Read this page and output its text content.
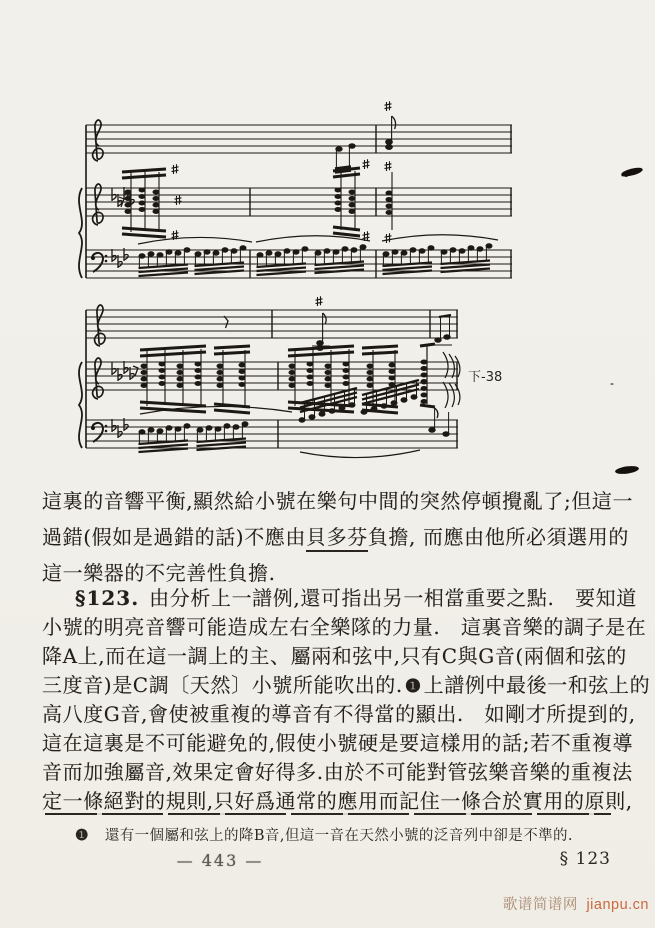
下-38
這裏的音響平衡,顯然給小號在樂句中間的突然停頓攪亂了;但這一
過錯(假如是過錯的話)不應由貝多芬負擔, 而應由他所必須選用的
這一樂器的不完善性負擔.
§123. 由分析上一譜例,還可指出另一相當重要之點.　要知道
小號的明亮音響可能造成左右全樂隊的力量.　這裏音樂的調子是在
降A上,而在這一調上的主、屬兩和弦中,只有C與G音(兩個和弦的
三度音)是C調〔天然〕小號所能吹出的. ❶ 上譜例中最後一和弦上的
高八度G音,會使被重複的導音有不得當的顯出.　如剛才所提到的,
這在這裏是不可能避免的,假使小號硬是要這樣用的話;若不重複導
音而加強屬音,效果定會好得多.由於不可能對管弦樂音樂的重複法
定一條絕對的規則,只好爲通常的應用而記住一條合於實用的原則,
❶ 還有一個屬和弦上的降B音,但這一音在天然小號的泛音列中卻是不準的.
— 443 —	§ 123
歌谱简谱网 jianpu.cn
